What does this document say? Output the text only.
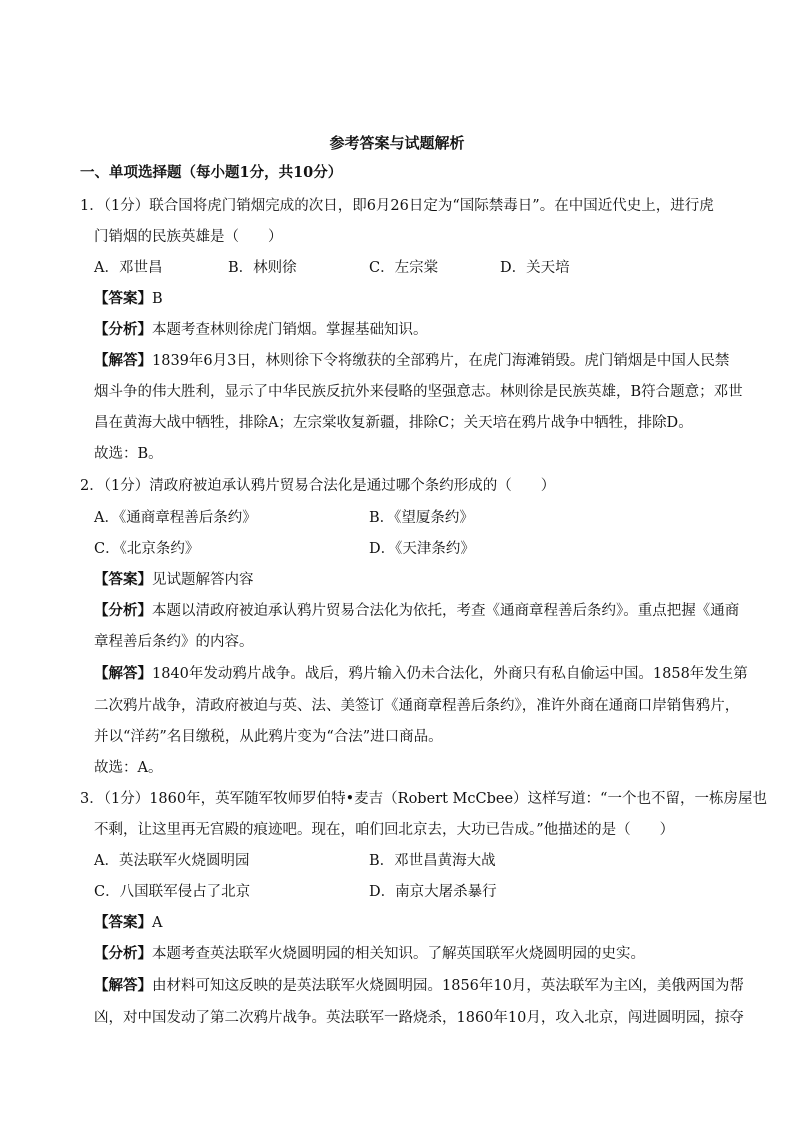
参考答案与试题解析
一、单项选择题（每小题1分，共10分）
1．（1分）联合国将虎门销烟完成的次日，即6月26日定为“国际禁毒日”。在中国近代史上，进行虎
门销烟的民族英雄是（　　）
A．邓世昌	B．林则徐	C．左宗棠	D．关天培
【答案】B
【分析】本题考查林则徐虎门销烟。掌握基础知识。
【解答】1839年6月3日，林则徐下令将缴获的全部鸦片，在虎门海滩销毁。虎门销烟是中国人民禁
烟斗争的伟大胜利，显示了中华民族反抗外来侵略的坚强意志。林则徐是民族英雄，B符合题意；邓世
昌在黄海大战中牺牲，排除A；左宗棠收复新疆，排除C；关天培在鸦片战争中牺牲，排除D。
故选：B。
2．（1分）清政府被迫承认鸦片贸易合法化是通过哪个条约形成的（　　）
A．《通商章程善后条约》	B．《望厦条约》
C．《北京条约》	D．《天津条约》
【答案】见试题解答内容
【分析】本题以清政府被迫承认鸦片贸易合法化为依托，考查《通商章程善后条约》。重点把握《通商
章程善后条约》的内容。
【解答】1840年发动鸦片战争。战后，鸦片输入仍未合法化，外商只有私自偷运中国。1858年发生第
二次鸦片战争，清政府被迫与英、法、美签订《通商章程善后条约》，准许外商在通商口岸销售鸦片，
并以“洋药”名目缴税，从此鸦片变为“合法”进口商品。
故选：A。
3．（1分）1860年，英军随军牧师罗伯特•麦吉（Robert McCbee）这样写道：“一个也不留，一栋房屋也
不剩，让这里再无宫殿的痕迹吧。现在，咱们回北京去，大功已告成。”他描述的是（　　）
A．英法联军火烧圆明园	B．邓世昌黄海大战
C．八国联军侵占了北京	D．南京大屠杀暴行
【答案】A
【分析】本题考查英法联军火烧圆明园的相关知识。了解英国联军火烧圆明园的史实。
【解答】由材料可知这反映的是英法联军火烧圆明园。1856年10月，英法联军为主凶，美俄两国为帮
凶，对中国发动了第二次鸦片战争。英法联军一路烧杀，1860年10月，攻入北京，闯进圆明园，掠夺
